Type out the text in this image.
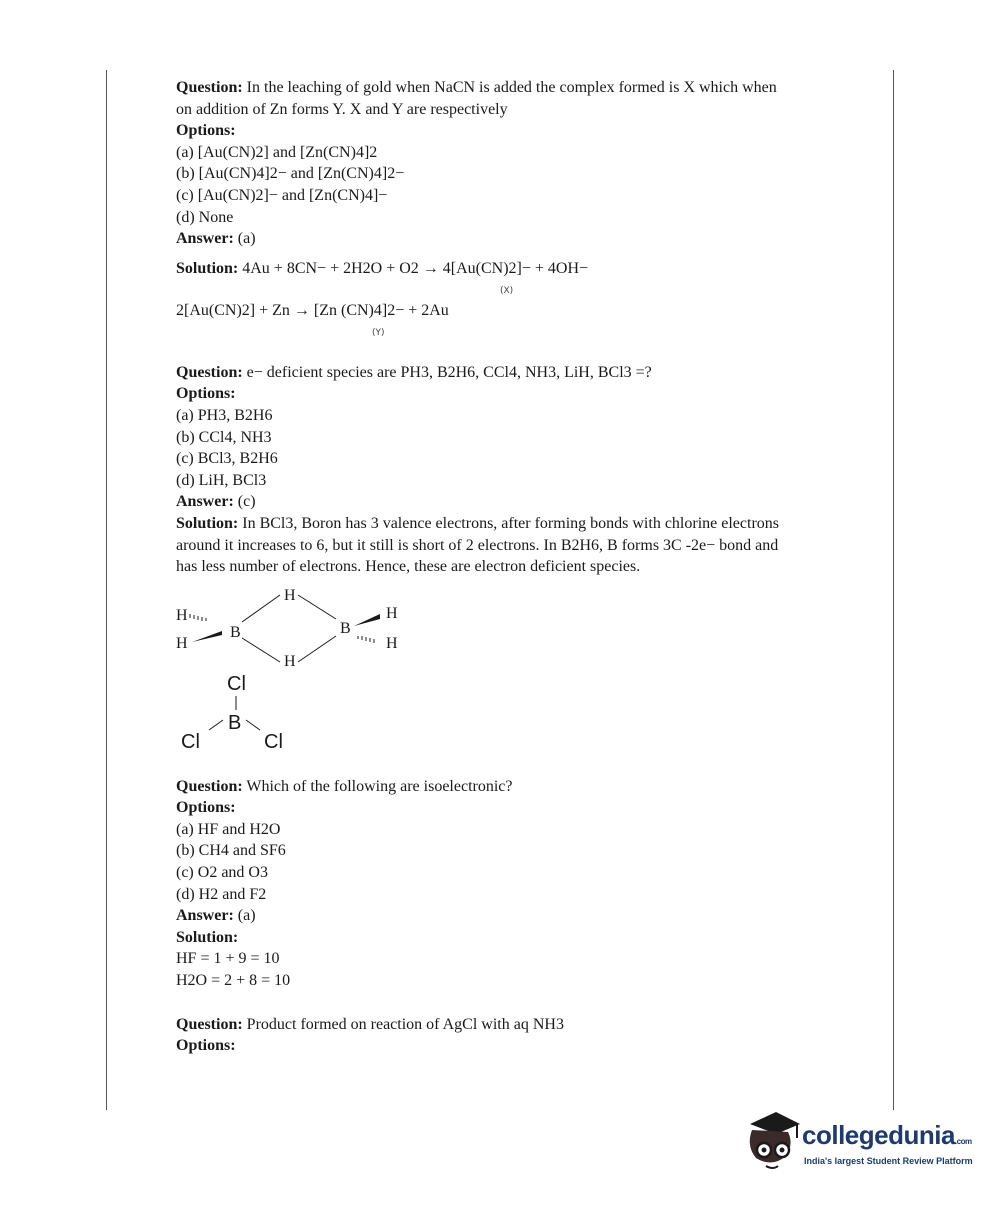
Question: In the leaching of gold when NaCN is added the complex formed is X which when
on addition of Zn forms Y. X and Y are respectively
Options:
(a) [Au(CN)2] and [Zn(CN)4]2
(b) [Au(CN)4]2− and [Zn(CN)4]2−
(c) [Au(CN)2]− and [Zn(CN)4]−
(d) None
Answer: (a)
Solution: 4Au + 8CN− + 2H2O + O2 → 4[Au(CN)2]− + 4OH−
(X)
2[Au(CN)2] + Zn → [Zn (CN)4]2− + 2Au
(Y)
Question: e− deficient species are PH3, B2H6, CCl4, NH3, LiH, BCl3 =?
Options:
(a) PH3, B2H6
(b) CCl4, NH3
(c) BCl3, B2H6
(d) LiH, BCl3
Answer: (c)
Solution: In BCl3, Boron has 3 valence electrons, after forming bonds with chlorine electrons
around it increases to 6, but it still is short of 2 electrons. In B2H6, B forms 3C -2e− bond and
has less number of electrons. Hence, these are electron deficient species.
H
H
B	B
H
H
H
H
Cl
B
Cl	Cl
Question: Which of the following are isoelectronic?
Options:
(a) HF and H2O
(b) CH4 and SF6
(c) O2 and O3
(d) H2 and F2
Answer: (a)
Solution:
HF = 1 + 9 = 10
H2O = 2 + 8 = 10
Question: Product formed on reaction of AgCl with aq NH3
Options:
collegedunia.com
India's largest Student Review Platform
